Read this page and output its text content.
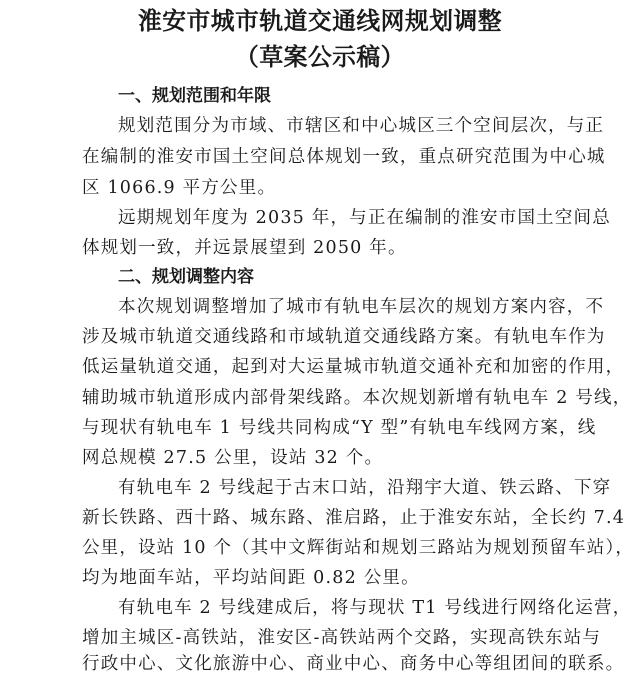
淮安市城市轨道交通线网规划调整
（草案公示稿）
一、规划范围和年限
规划范围分为市域、市辖区和中心城区三个空间层次，与正
在编制的淮安市国土空间总体规划一致，重点研究范围为中心城
区 1066.9 平方公里。
远期规划年度为 2035 年，与正在编制的淮安市国土空间总
体规划一致，并远景展望到 2050 年。
二、规划调整内容
本次规划调整增加了城市有轨电车层次的规划方案内容，不
涉及城市轨道交通线路和市域轨道交通线路方案。有轨电车作为
低运量轨道交通，起到对大运量城市轨道交通补充和加密的作用，
辅助城市轨道形成内部骨架线路。本次规划新增有轨电车 2 号线，
与现状有轨电车 1 号线共同构成“Y 型”有轨电车线网方案，线
网总规模 27.5 公里，设站 32 个。
有轨电车 2 号线起于古末口站，沿翔宇大道、铁云路、下穿
新长铁路、西十路、城东路、淮启路，止于淮安东站，全长约 7.4
公里，设站 10 个（其中文辉街站和规划三路站为规划预留车站），
均为地面车站，平均站间距 0.82 公里。
有轨电车 2 号线建成后，将与现状 T1 号线进行网络化运营，
增加主城区-高铁站，淮安区-高铁站两个交路，实现高铁东站与
行政中心、文化旅游中心、商业中心、商务中心等组团间的联系。
